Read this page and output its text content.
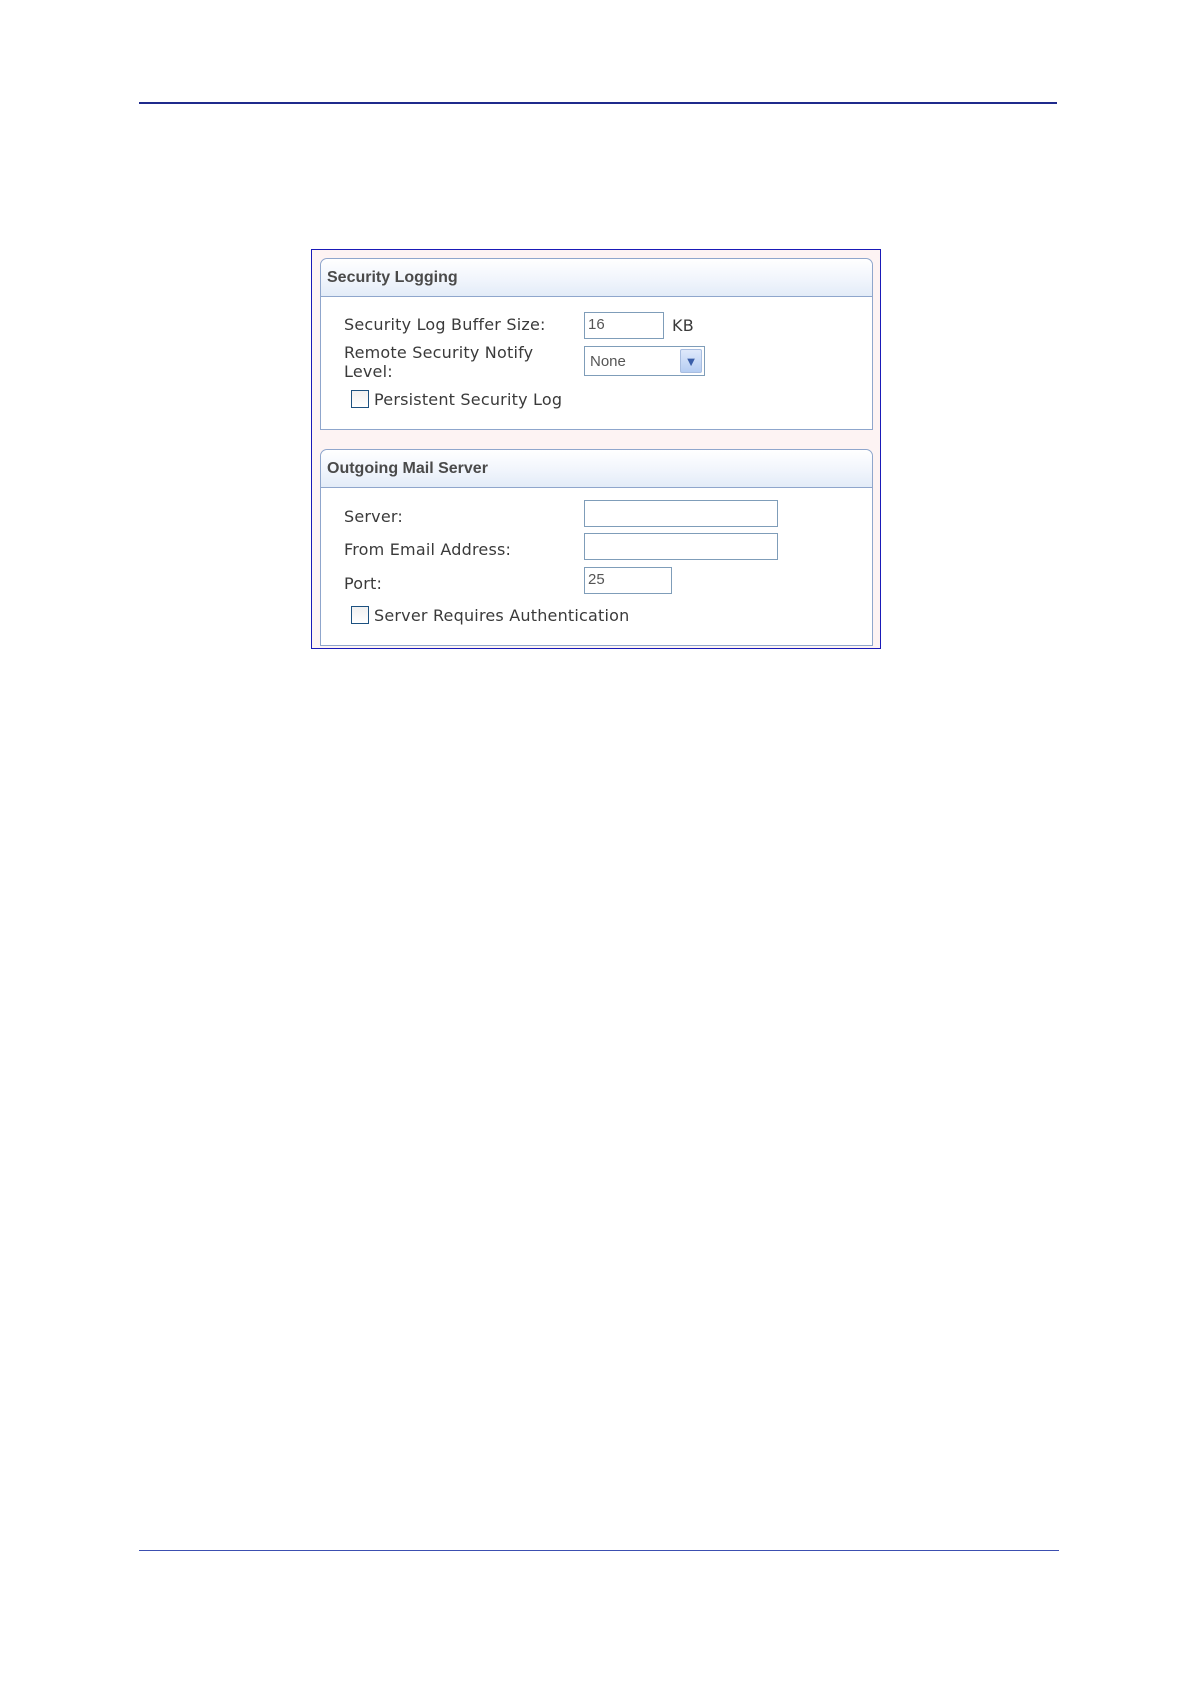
Security Logging
Security Log Buffer Size:	16	KB
Remote Security Notify
Level:
None	▼
Persistent Security Log
Outgoing Mail Server
Server:
From Email Address:
Port:	25
Server Requires Authentication
